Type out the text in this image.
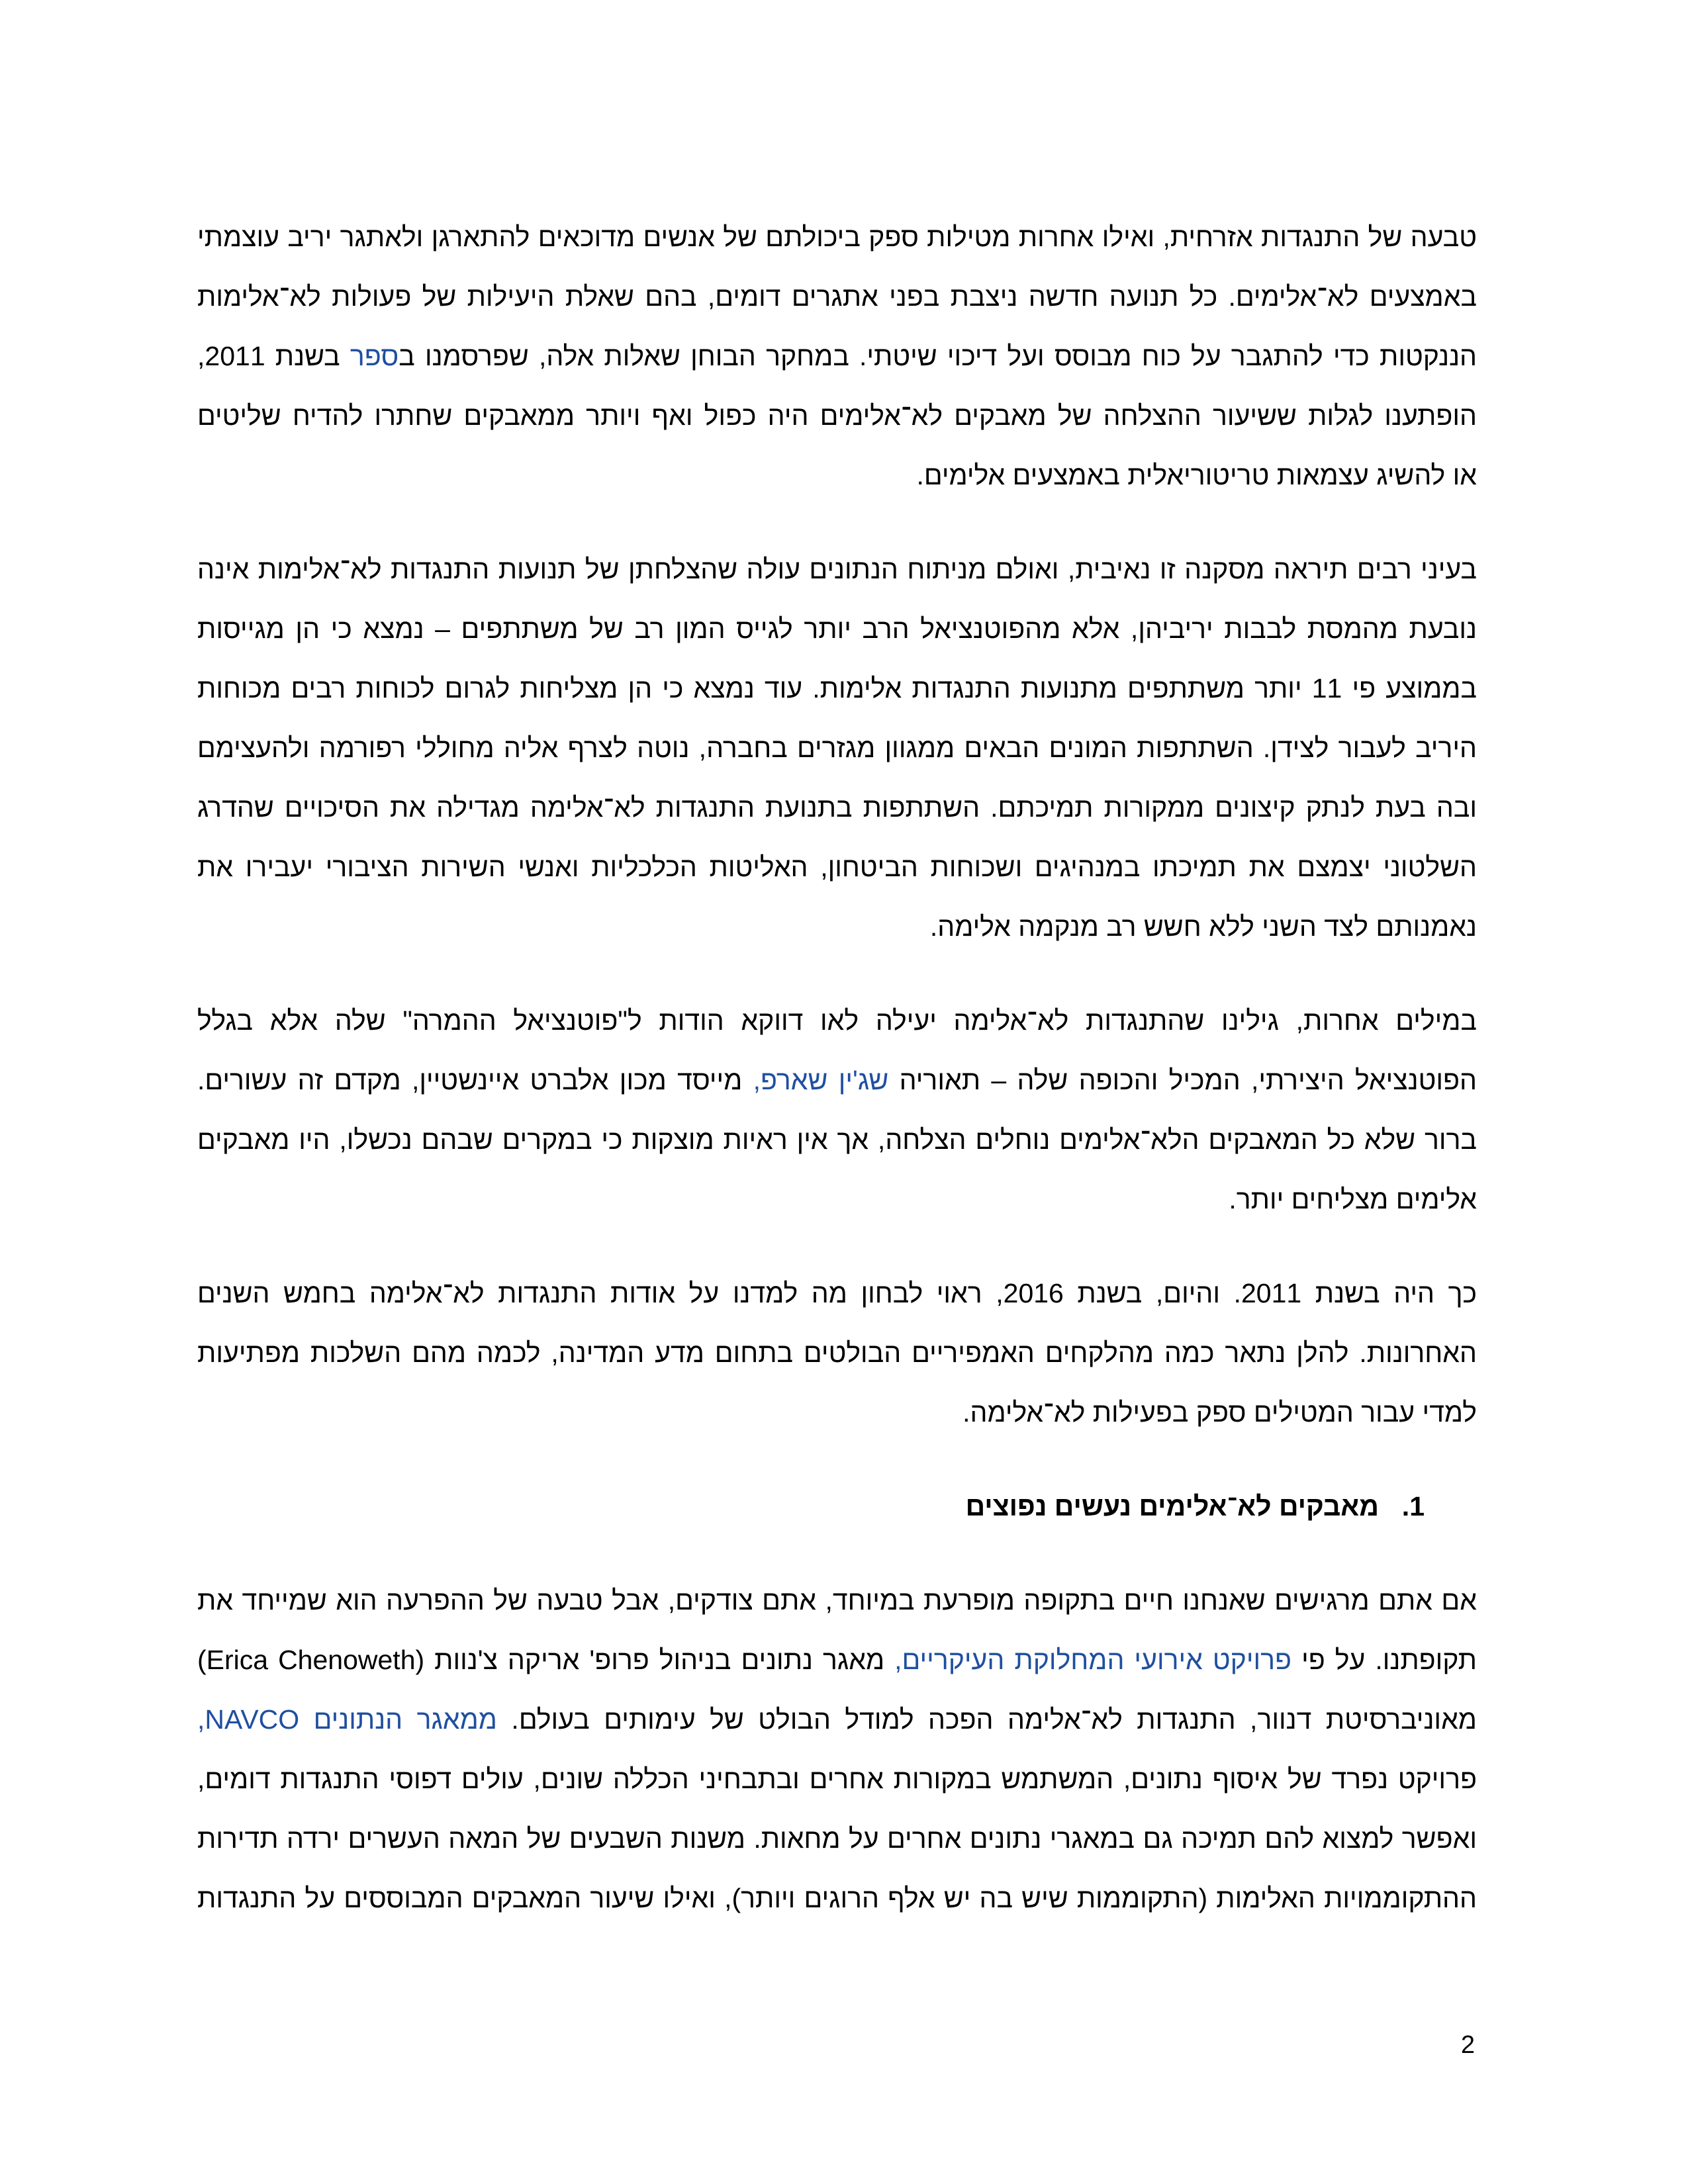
טבעה של התנגדות אזרחית, ואילו אחרות מטילות ספק ביכולתם של אנשים מדוכאים להתארגן ולאתגר יריב עוצמתי
באמצעים לא־אלימים. כל תנועה חדשה ניצבת בפני אתגרים דומים, בהם שאלת היעילות של פעולות לא־אלימות
הננקטות כדי להתגבר על כוח מבוסס ועל דיכוי שיטתי. במחקר הבוחן שאלות אלה, שפרסמנו בספר בשנת 2011,
הופתענו לגלות ששיעור ההצלחה של מאבקים לא־אלימים היה כפול ואף ויותר ממאבקים שחתרו להדיח שליטים
או להשיג עצמאות טריטוריאלית באמצעים אלימים.
בעיני רבים תיראה מסקנה זו נאיבית, ואולם מניתוח הנתונים עולה שהצלחתן של תנועות התנגדות לא־אלימות אינה
נובעת מהמסת לבבות יריביהן, אלא מהפוטנציאל הרב יותר לגייס המון רב של משתתפים – נמצא כי הן מגייסות
בממוצע פי 11 יותר משתתפים מתנועות התנגדות אלימות. עוד נמצא כי הן מצליחות לגרום לכוחות רבים מכוחות
היריב לעבור לצידן. השתתפות המונים הבאים ממגוון מגזרים בחברה, נוטה לצרף אליה מחוללי רפורמה ולהעצימם
ובה בעת לנתק קיצונים ממקורות תמיכתם. השתתפות בתנועת התנגדות לא־אלימה מגדילה את הסיכויים שהדרג
השלטוני יצמצם את תמיכתו במנהיגים ושכוחות הביטחון, האליטות הכלכליות ואנשי השירות הציבורי יעבירו את
נאמנותם לצד השני ללא חשש רב מנקמה אלימה.
במילים אחרות, גילינו שהתנגדות לא־אלימה יעילה לאו דווקא הודות ל"פוטנציאל ההמרה" שלה אלא בגלל
הפוטנציאל היצירתי, המכיל והכופה שלה – תאוריה שג'ין שארפ, מייסד מכון אלברט איינשטיין, מקדם זה עשורים.
ברור שלא כל המאבקים הלא־אלימים נוחלים הצלחה, אך אין ראיות מוצקות כי במקרים שבהם נכשלו, היו מאבקים
אלימים מצליחים יותר.
כך היה בשנת 2011. והיום, בשנת 2016, ראוי לבחון מה למדנו על אודות התנגדות לא־אלימה בחמש השנים
האחרונות. להלן נתאר כמה מהלקחים האמפיריים הבולטים בתחום מדע המדינה, לכמה מהם השלכות מפתיעות
למדי עבור המטילים ספק בפעילות לא־אלימה.
1.מאבקים לא־אלימים נעשים נפוצים
אם אתם מרגישים שאנחנו חיים בתקופה מופרעת במיוחד, אתם צודקים, אבל טבעה של ההפרעה הוא שמייחד את
תקופתנו. על פי פרויקט אירועי המחלוקת העיקריים, מאגר נתונים בניהול פרופ' אריקה צ'נוות (Erica Chenoweth)
מאוניברסיטת דנוור, התנגדות לא־אלימה הפכה למודל הבולט של עימותים בעולם. ממאגר הנתונים NAVCO,
פרויקט נפרד של איסוף נתונים, המשתמש במקורות אחרים ובתבחיני הכללה שונים, עולים דפוסי התנגדות דומים,
ואפשר למצוא להם תמיכה גם במאגרי נתונים אחרים על מחאות. משנות השבעים של המאה העשרים ירדה תדירות
ההתקוממויות האלימות (התקוממות שיש בה יש אלף הרוגים ויותר), ואילו שיעור המאבקים המבוססים על התנגדות
2
